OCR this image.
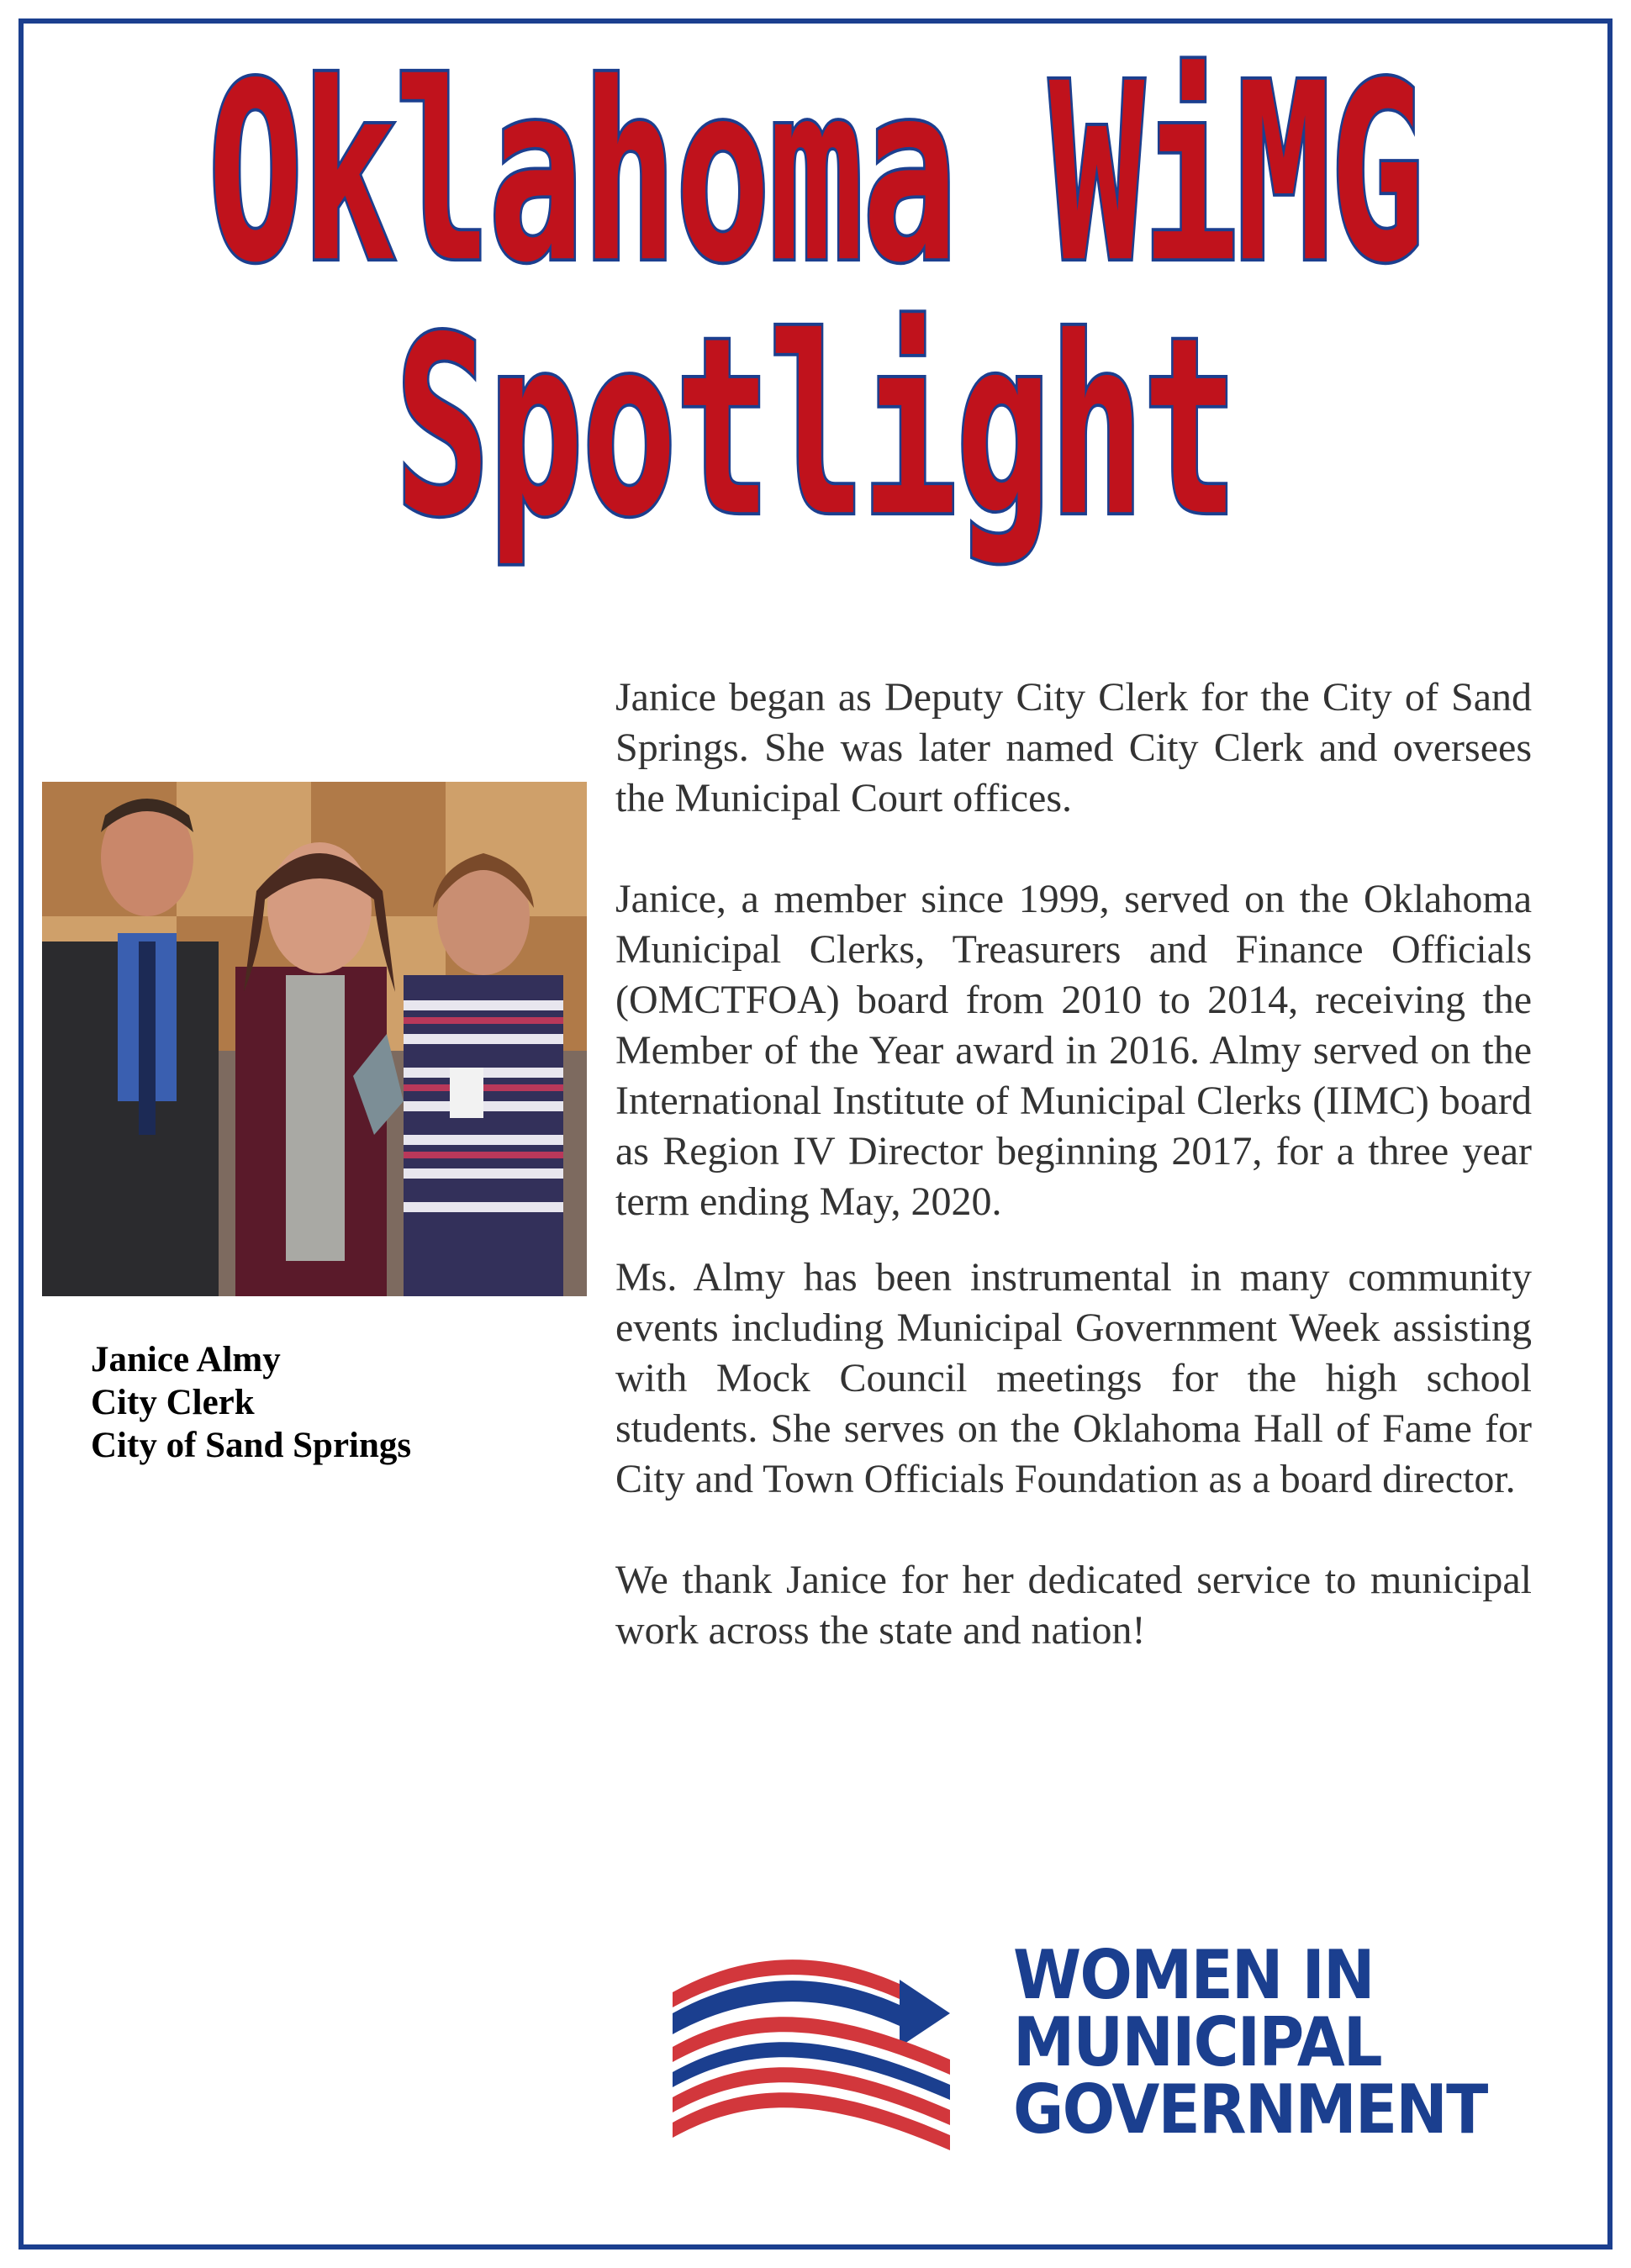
Oklahoma WiMG
Spotlight
Janice Almy
City Clerk
City of Sand Springs

Janice began as Deputy City Clerk for the City of Sand Springs. She was later named City Clerk and oversees the Municipal Court offices.

Janice, a member since 1999, served on the Oklahoma Municipal Clerks, Treasurers and Finance Officials (OMCTFOA) board from 2010 to 2014, receiving the Member of the Year award in 2016. Almy served on the International Institute of Municipal Clerks (IIMC) board as Region IV Director beginning 2017, for a three year term ending May, 2020.

Ms. Almy has been instrumental in many community events including Municipal Government Week assisting with Mock Council meetings for the high school students. She serves on the Oklahoma Hall of Fame for City and Town Officials Foundation as a board director.

We thank Janice for her dedicated service to municipal work across the state and nation!

WOMEN IN
MUNICIPAL
GOVERNMENT
